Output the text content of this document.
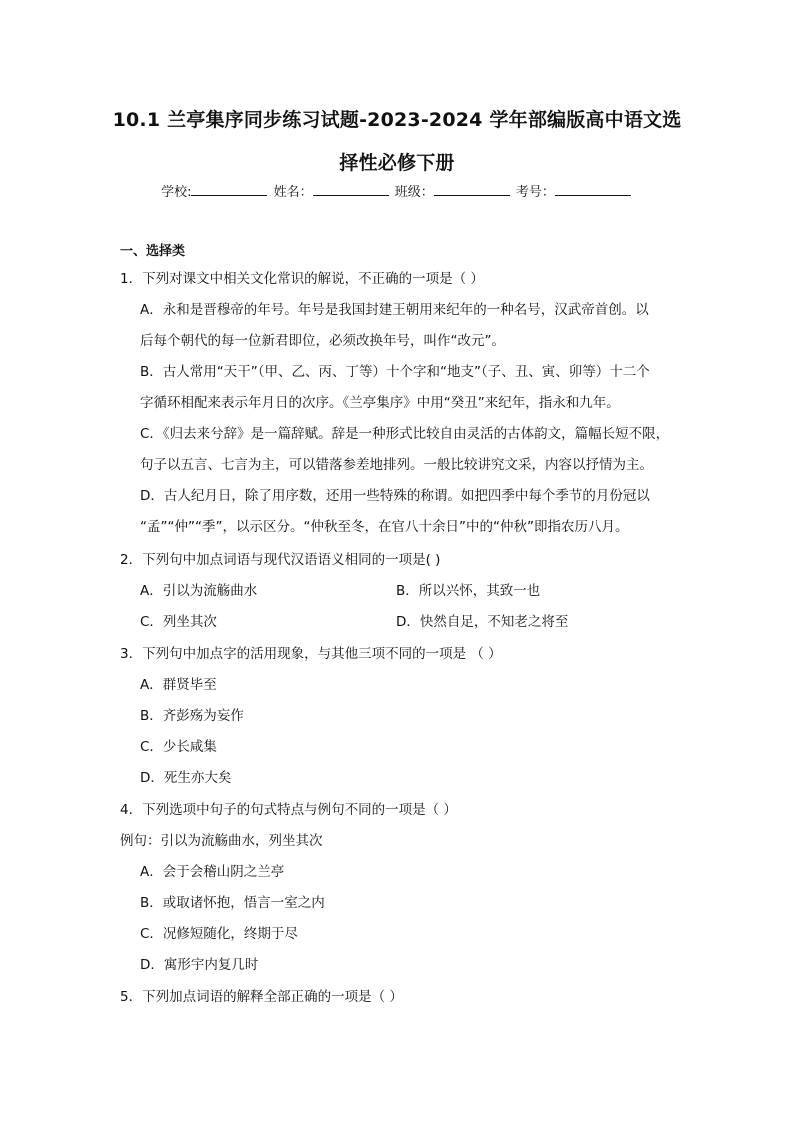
10.1 兰亭集序同步练习试题-2023-2024 学年部编版高中语文选
择性必修下册
学校:	姓名：	班级：	考号：
一、选择类
1．下列对课文中相关文化常识的解说，不正确的一项是（ ）
A．永和是晋穆帝的年号。年号是我国封建王朝用来纪年的一种名号，汉武帝首创。以
后每个朝代的每一位新君即位，必须改换年号，叫作“改元”。
B．古人常用“天干”（甲、乙、丙、丁等）十个字和“地支”（子、丑、寅、卯等）十二个
字循环相配来表示年月日的次序。《兰亭集序》中用“癸丑”来纪年，指永和九年。
C．《归去来兮辞》是一篇辞赋。辞是一种形式比较自由灵活的古体韵文，篇幅长短不限，
句子以五言、七言为主，可以错落参差地排列。一般比较讲究文采，内容以抒情为主。
D．古人纪月日，除了用序数，还用一些特殊的称谓。如把四季中每个季节的月份冠以
“孟”“仲”“季”，以示区分。“仲秋至冬，在官八十余日”中的“仲秋”即指农历八月。
2．下列句中加点词语与现代汉语语义相同的一项是( )
A．引以为流觞曲水	B．所以兴怀，其致一也
C．列坐其次	D．快然自足，不知老之将至
3．下列句中加点字的活用现象，与其他三项不同的一项是 （ ）
A．群贤毕至
B．齐彭殇为妄作
C．少长咸集
D．死生亦大矣
4．下列选项中句子的句式特点与例句不同的一项是（ ）
例句：引以为流觞曲水，列坐其次
A．会于会稽山阴之兰亭
B．或取诸怀抱，悟言一室之内
C．况修短随化，终期于尽
D．寓形宇内复几时
5．下列加点词语的解释全部正确的一项是（ ）
